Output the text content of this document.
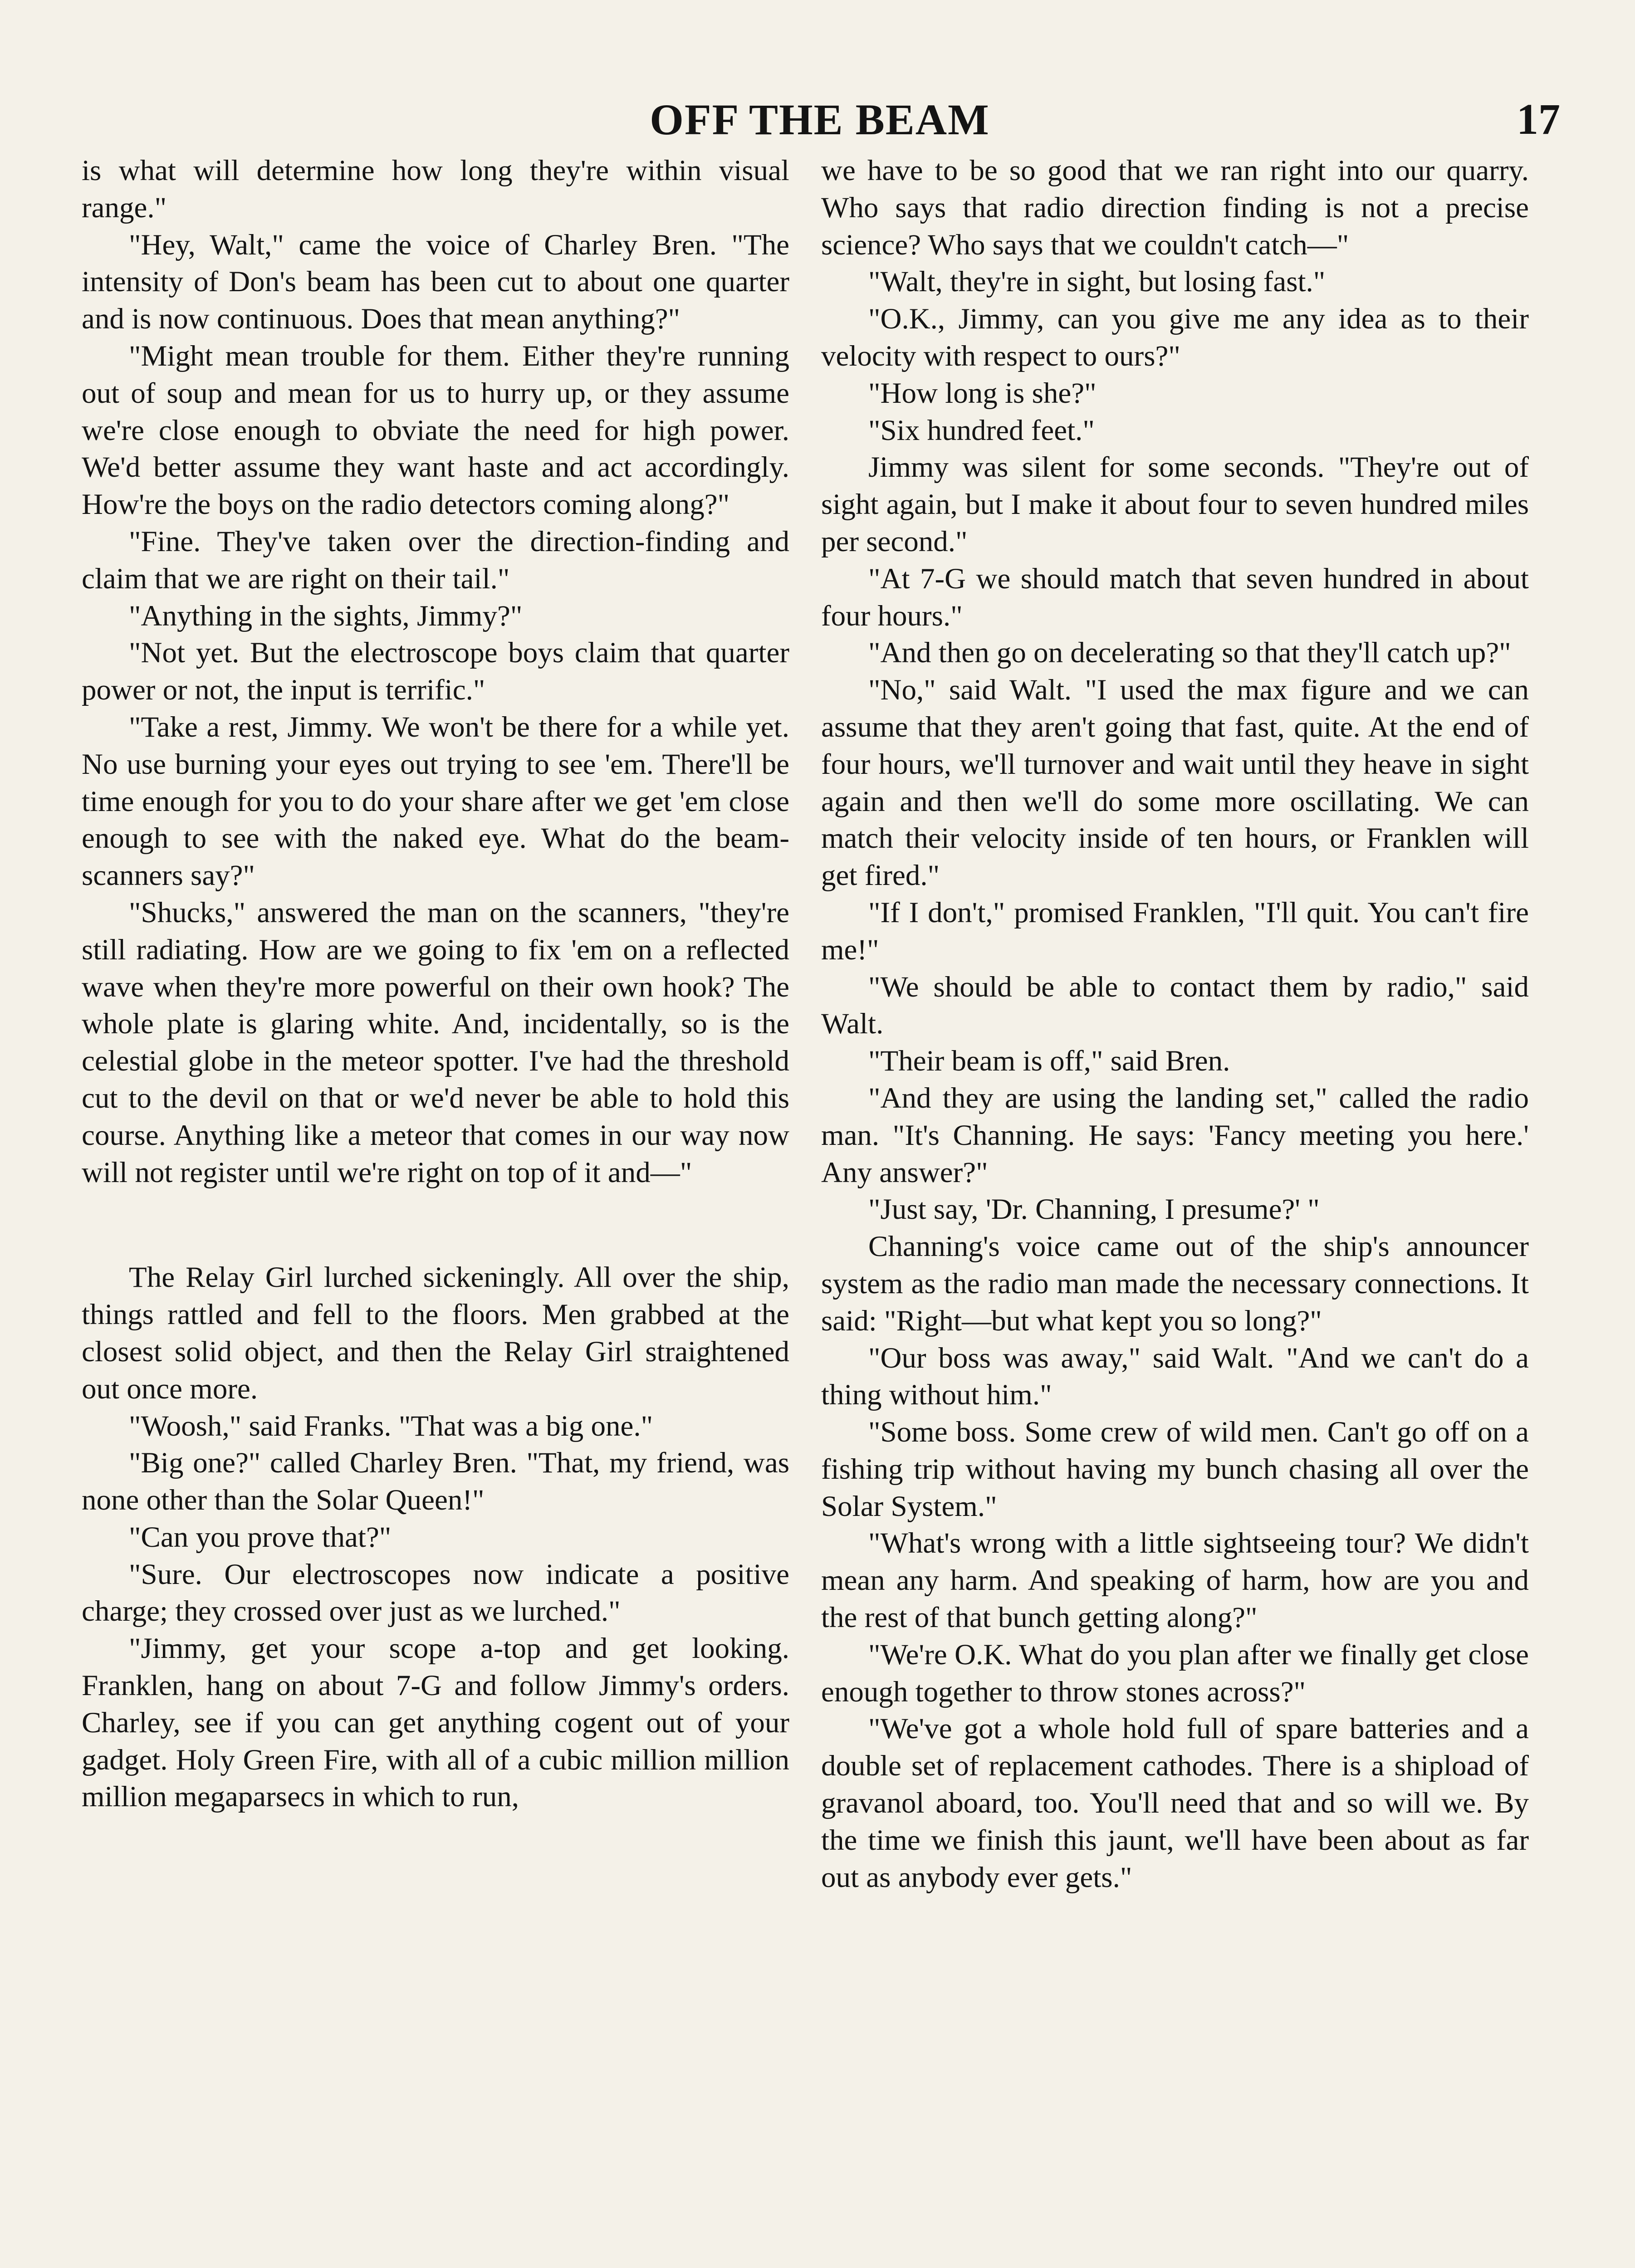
OFF THE BEAM	17

is what will determine how long they're within visual range."

"Hey, Walt," came the voice of Charley Bren. "The intensity of Don's beam has been cut to about one quarter and is now continuous. Does that mean anything?"

"Might mean trouble for them. Either they're running out of soup and mean for us to hurry up, or they assume we're close enough to obviate the need for high power. We'd better assume they want haste and act accordingly. How're the boys on the radio detectors coming along?"

"Fine. They've taken over the direction-finding and claim that we are right on their tail."

"Anything in the sights, Jimmy?"

"Not yet. But the electroscope boys claim that quarter power or not, the input is terrific."

"Take a rest, Jimmy. We won't be there for a while yet. No use burning your eyes out trying to see 'em. There'll be time enough for you to do your share after we get 'em close enough to see with the naked eye. What do the beam-scanners say?"

"Shucks," answered the man on the scanners, "they're still radiating. How are we going to fix 'em on a reflected wave when they're more powerful on their own hook? The whole plate is glaring white. And, incidentally, so is the celestial globe in the meteor spotter. I've had the threshold cut to the devil on that or we'd never be able to hold this course. Anything like a meteor that comes in our way now will not register until we're right on top of it and—"

The Relay Girl lurched sickeningly. All over the ship, things rattled and fell to the floors. Men grabbed at the closest solid object, and then the Relay Girl straightened out once more.

"Woosh," said Franks. "That was a big one."

"Big one?" called Charley Bren. "That, my friend, was none other than the Solar Queen!"

"Can you prove that?"

"Sure. Our electroscopes now indicate a positive charge; they crossed over just as we lurched."

"Jimmy, get your scope a-top and get looking. Franklen, hang on about 7-G and follow Jimmy's orders. Charley, see if you can get anything cogent out of your gadget. Holy Green Fire, with all of a cubic million million million megaparsecs in which to run,

we have to be so good that we ran right into our quarry. Who says that radio direction finding is not a precise science? Who says that we couldn't catch—"

"Walt, they're in sight, but losing fast."

"O.K., Jimmy, can you give me any idea as to their velocity with respect to ours?"

"How long is she?"

"Six hundred feet."

Jimmy was silent for some seconds. "They're out of sight again, but I make it about four to seven hundred miles per second."

"At 7-G we should match that seven hundred in about four hours."

"And then go on decelerating so that they'll catch up?"

"No," said Walt. "I used the max figure and we can assume that they aren't going that fast, quite. At the end of four hours, we'll turnover and wait until they heave in sight again and then we'll do some more oscillating. We can match their velocity inside of ten hours, or Franklen will get fired."

"If I don't," promised Franklen, "I'll quit. You can't fire me!"

"We should be able to contact them by radio," said Walt.

"Their beam is off," said Bren.

"And they are using the landing set," called the radio man. "It's Channing. He says: 'Fancy meeting you here.' Any answer?"

"Just say, 'Dr. Channing, I presume?' "

Channing's voice came out of the ship's announcer system as the radio man made the necessary connections. It said: "Right—but what kept you so long?"

"Our boss was away," said Walt. "And we can't do a thing without him."

"Some boss. Some crew of wild men. Can't go off on a fishing trip without having my bunch chasing all over the Solar System."

"What's wrong with a little sightseeing tour? We didn't mean any harm. And speaking of harm, how are you and the rest of that bunch getting along?"

"We're O.K. What do you plan after we finally get close enough together to throw stones across?"

"We've got a whole hold full of spare batteries and a double set of replacement cathodes. There is a shipload of gravanol aboard, too. You'll need that and so will we. By the time we finish this jaunt, we'll have been about as far out as anybody ever gets."
